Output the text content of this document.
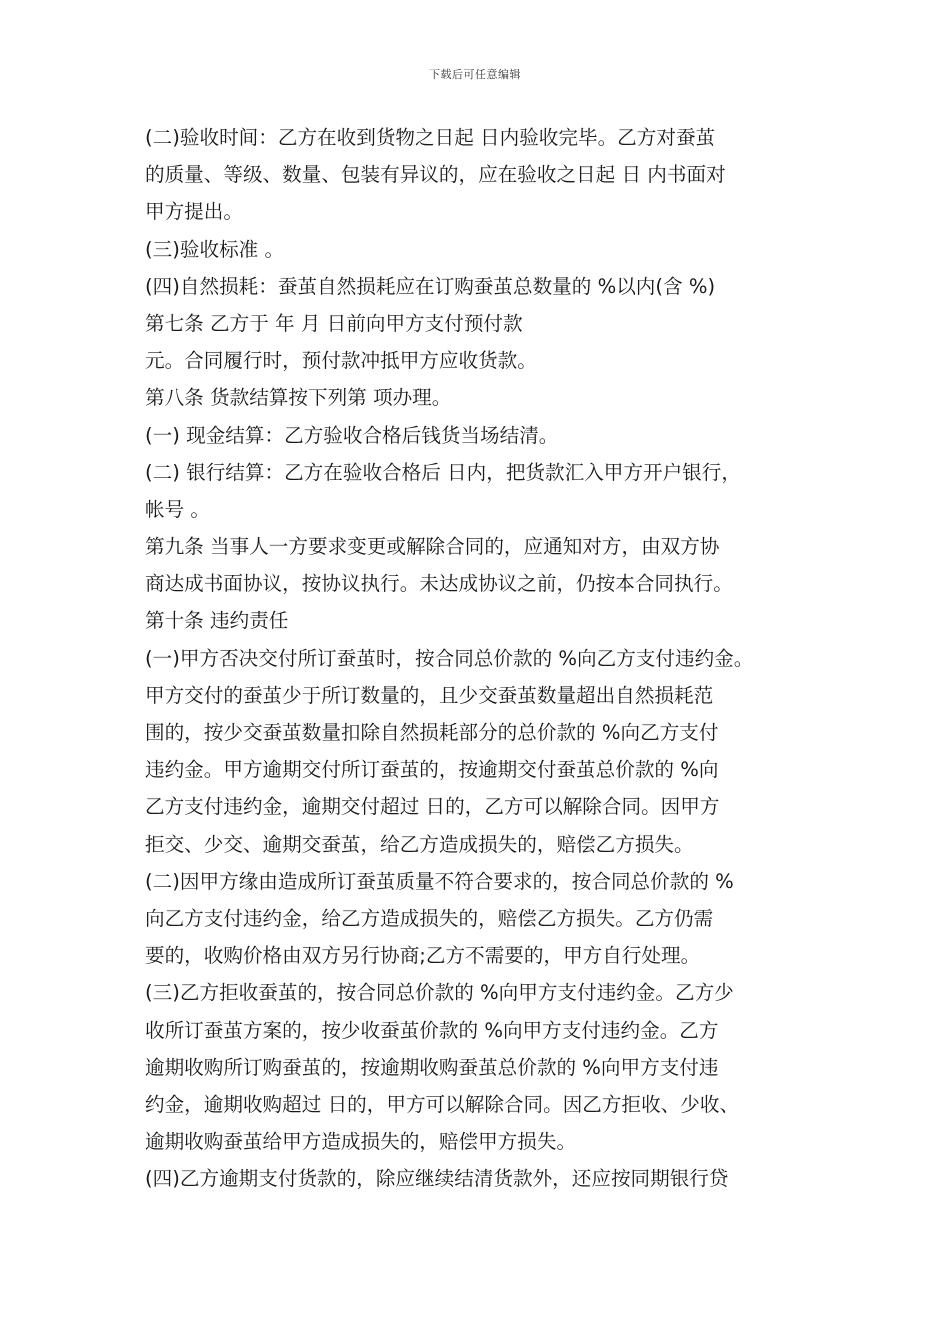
下载后可任意编辑
(二)验收时间：乙方在收到货物之日起 日内验收完毕。乙方对蚕茧
的质量、等级、数量、包装有异议的，应在验收之日起 日 内书面对
甲方提出。
(三)验收标准 。
(四)自然损耗：蚕茧自然损耗应在订购蚕茧总数量的 %以内(含 %)
第七条 乙方于 年 月 日前向甲方支付预付款
元。合同履行时，预付款冲抵甲方应收货款。
第八条 货款结算按下列第 项办理。
(一) 现金结算：乙方验收合格后钱货当场结清。
(二) 银行结算：乙方在验收合格后 日内，把货款汇入甲方开户银行，
帐号 。
第九条 当事人一方要求变更或解除合同的，应通知对方，由双方协
商达成书面协议，按协议执行。未达成协议之前，仍按本合同执行。
第十条 违约责任
(一)甲方否决交付所订蚕茧时，按合同总价款的 %向乙方支付违约金。
甲方交付的蚕茧少于所订数量的，且少交蚕茧数量超出自然损耗范
围的，按少交蚕茧数量扣除自然损耗部分的总价款的 %向乙方支付
违约金。甲方逾期交付所订蚕茧的，按逾期交付蚕茧总价款的 %向
乙方支付违约金，逾期交付超过 日的，乙方可以解除合同。因甲方
拒交、少交、逾期交蚕茧，给乙方造成损失的，赔偿乙方损失。
(二)因甲方缘由造成所订蚕茧质量不符合要求的，按合同总价款的 %
向乙方支付违约金，给乙方造成损失的，赔偿乙方损失。乙方仍需
要的，收购价格由双方另行协商;乙方不需要的，甲方自行处理。
(三)乙方拒收蚕茧的，按合同总价款的 %向甲方支付违约金。乙方少
收所订蚕茧方案的，按少收蚕茧价款的 %向甲方支付违约金。乙方
逾期收购所订购蚕茧的，按逾期收购蚕茧总价款的 %向甲方支付违
约金，逾期收购超过 日的，甲方可以解除合同。因乙方拒收、少收、
逾期收购蚕茧给甲方造成损失的，赔偿甲方损失。
(四)乙方逾期支付货款的，除应继续结清货款外，还应按同期银行贷
